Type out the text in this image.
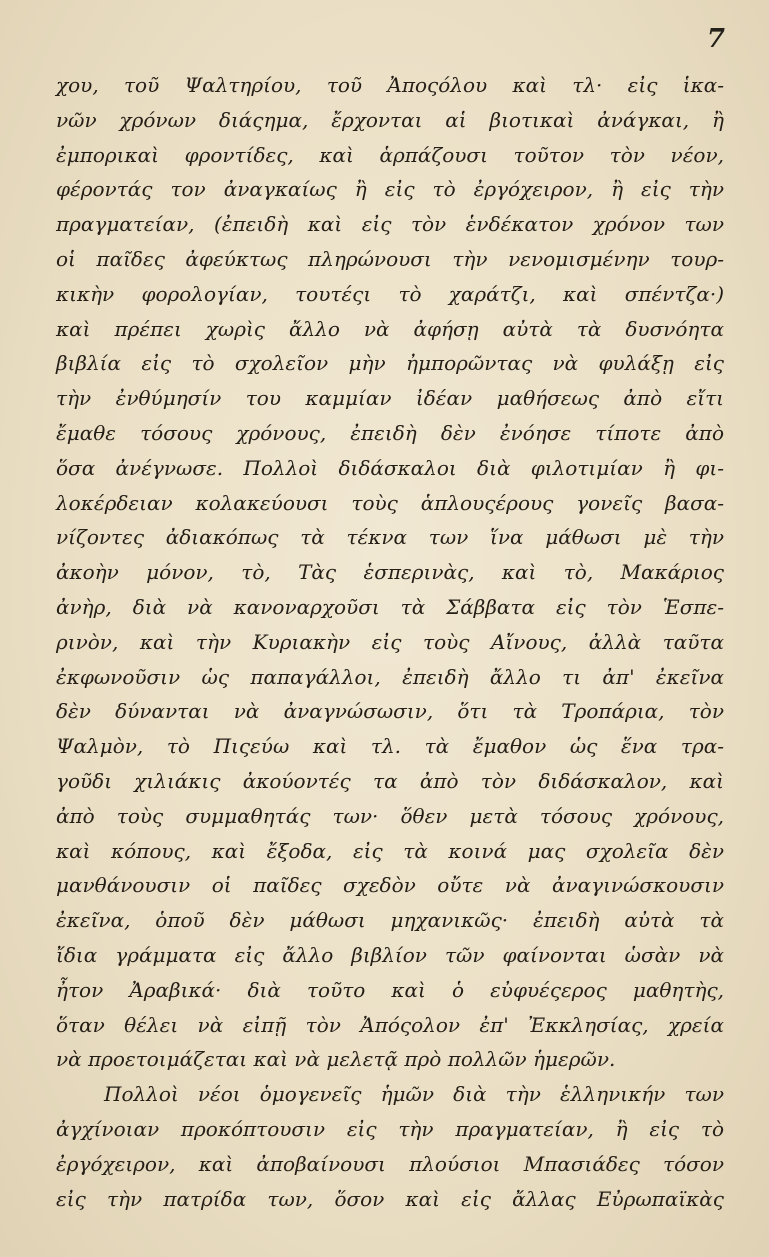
7

χου, τοῦ Ψαλτηρίου, τοῦ Ἀποςόλου καὶ τλ· εἰς ἱκα-
νῶν χρόνων διάςημα, ἔρχονται αἱ βιοτικαὶ ἀνάγκαι, ἢ
ἐμπορικαὶ φροντίδες, καὶ ἁρπάζουσι τοῦτον τὸν νέον,
φέροντάς τον ἀναγκαίως ἢ εἰς τὸ ἐργόχειρον, ἢ εἰς τὴν
πραγματείαν, (ἐπειδὴ καὶ εἰς τὸν ἑνδέκατον χρόνον των
οἱ παῖδες ἀφεύκτως πληρώνουσι τὴν νενομισμένην τουρ-
κικὴν φορολογίαν, τουτέςι τὸ χαράτζι, καὶ σπέντζα·)
καὶ πρέπει χωρὶς ἄλλο νὰ ἀφήσῃ αὐτὰ τὰ δυσνόητα
βιβλία εἰς τὸ σχολεῖον μὴν ἠμπορῶντας νὰ φυλάξῃ εἰς
τὴν ἐνθύμησίν του καμμίαν ἰδέαν μαθήσεως ἀπὸ εἴτι
ἔμαθε τόσους χρόνους, ἐπειδὴ δὲν ἐνόησε τίποτε ἀπὸ
ὅσα ἀνέγνωσε. Πολλοὶ διδάσκαλοι διὰ φιλοτιμίαν ἢ φι-
λοκέρδειαν κολακεύουσι τοὺς ἁπλουςέρους γονεῖς βασα-
νίζοντες ἀδιακόπως τὰ τέκνα των ἵνα μάθωσι μὲ τὴν
ἀκοὴν μόνον, τὸ, Τὰς ἑσπερινὰς, καὶ τὸ, Μακάριος
ἀνὴρ, διὰ νὰ κανοναρχοῦσι τὰ Σάββατα εἰς τὸν Ἑσπε-
ρινὸν, καὶ τὴν Κυριακὴν εἰς τοὺς Αἴνους, ἀλλὰ ταῦτα
ἐκφωνοῦσιν ὡς παπαγάλλοι, ἐπειδὴ ἄλλο τι ἀπ' ἐκεῖνα
δὲν δύνανται νὰ ἀναγνώσωσιν, ὅτι τὰ Τροπάρια, τὸν
Ψαλμὸν, τὸ Πιςεύω καὶ τλ. τὰ ἔμαθον ὡς ἕνα τρα-
γοῦδι χιλιάκις ἀκούοντές τα ἀπὸ τὸν διδάσκαλον, καὶ
ἀπὸ τοὺς συμμαθητάς των· ὅθεν μετὰ τόσους χρόνους,
καὶ κόπους, καὶ ἔξοδα, εἰς τὰ κοινά μας σχολεῖα δὲν
μανθάνουσιν οἱ παῖδες σχεδὸν οὔτε νὰ ἀναγινώσκουσιν
ἐκεῖνα, ὁποῦ δὲν μάθωσι μηχανικῶς· ἐπειδὴ αὐτὰ τὰ
ἴδια γράμματα εἰς ἄλλο βιβλίον τῶν φαίνονται ὡσὰν νὰ
ἦτον Ἀραβικά· διὰ τοῦτο καὶ ὁ εὐφυέςερος μαθητὴς,
ὅταν θέλει νὰ εἰπῇ τὸν Ἀπόςολον ἐπ' Ἐκκλησίας, χρεία
νὰ προετοιμάζεται καὶ νὰ μελετᾷ πρὸ πολλῶν ἡμερῶν.
Πολλοὶ νέοι ὁμογενεῖς ἡμῶν διὰ τὴν ἑλληνικήν των
ἀγχίνοιαν προκόπτουσιν εἰς τὴν πραγματείαν, ἢ εἰς τὸ
ἐργόχειρον, καὶ ἀποβαίνουσι πλούσιοι Μπασιάδες τόσον
εἰς τὴν πατρίδα των, ὅσον καὶ εἰς ἄλλας Εὐρωπαϊκὰς
